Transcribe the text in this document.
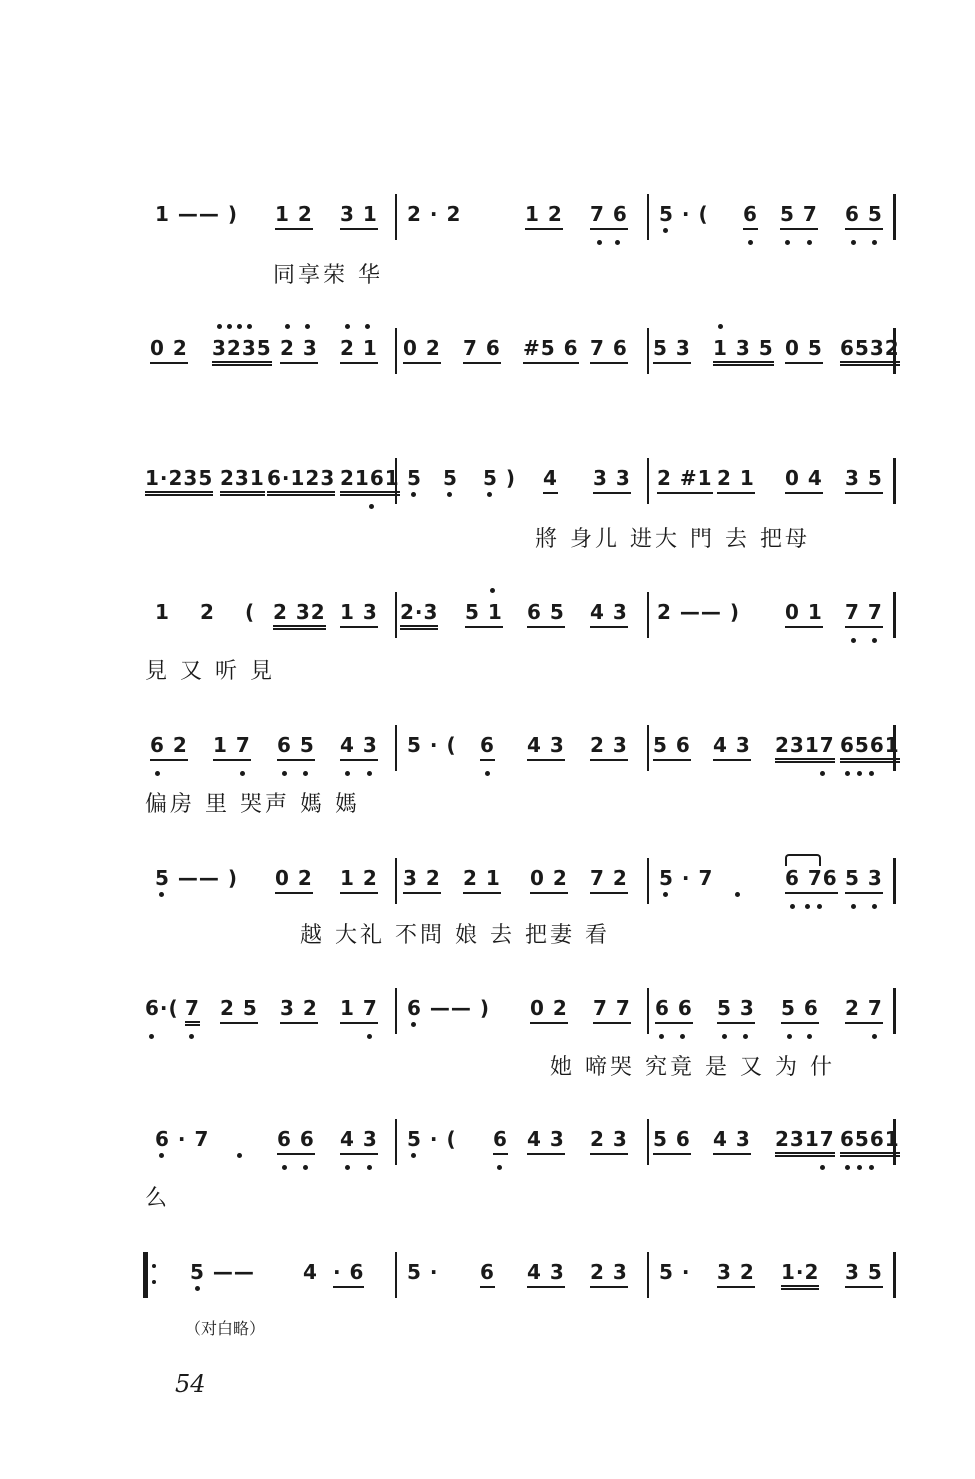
1 —— ) 1 2 3 1 2 · 2	1 2 7 6 5 · ( 6 5 7 6 5
同享荣 华
0 2 3235 2 3 2 1 0 2 7 6 #5 6 7 6 5 3 1 3 5 0 5 6532
1·235 231 6·123 2161 5 5 5 ) 4 3 3 2 #1 2 1 0 4 3 5
將 身儿 进大 門 去 把母
1 2 ( 2 32 1 3 2·3 5 1 6 5 4 3 2 —— ) 0 1 7 7
見 又 听 見
6 2 1 7 6 5 4 3 5 · ( 6 4 3 2 3 5 6 4 3 2317 6561
偏房 里 哭声 媽 媽
5 —— ) 0 2 1 2 3 2 2 1 0 2 7 2 5 · 7	6 76 5 3
越 大礼 不問 娘 去 把妻 看
6·( 7 2 5 3 2 1 7 6 —— ) 0 2 7 7 6 6 5 3 5 6 2 7
她 啼哭 究竟 是 又 为 什
6 · 7	6 6 4 3 5 · ( 6 4 3 2 3 5 6 4 3 2317 6561
么
5 —— 4 · 6 5 · 6 4 3 2 3 5 · 3 2 1·2 3 5
（对白略）
54
